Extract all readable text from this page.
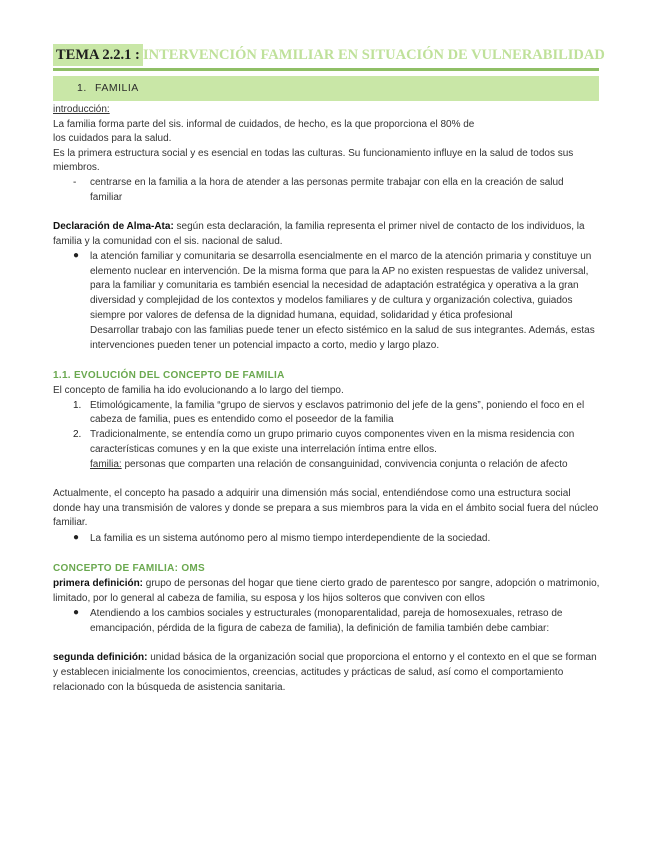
TEMA 2.2.1 : INTERVENCIÓN FAMILIAR EN SITUACIÓN DE VULNERABILIDAD
1. FAMILIA
introducción:
La familia forma parte del sis. informal de cuidados, de hecho, es la que proporciona el 80% de
los cuidados para la salud.
Es la primera estructura social y es esencial en todas las culturas. Su funcionamiento influye en la salud de todos sus
miembros.
- centrarse en la familia a la hora de atender a las personas permite trabajar con ella en la creación de salud
familiar
Declaración de Alma-Ata: según esta declaración, la familia representa el primer nivel de contacto de los individuos, la
familia y la comunidad con el sis. nacional de salud.
● la atención familiar y comunitaria se desarrolla esencialmente en el marco de la atención primaria y constituye un
elemento nuclear en intervención. De la misma forma que para la AP no existen respuestas de validez universal,
para la familiar y comunitaria es también esencial la necesidad de adaptación estratégica y operativa a la gran
diversidad y complejidad de los contextos y modelos familiares y de cultura y organización colectiva, guiados
siempre por valores de defensa de la dignidad humana, equidad, solidaridad y ética profesional
Desarrollar trabajo con las familias puede tener un efecto sistémico en la salud de sus integrantes. Además, estas
intervenciones pueden tener un potencial impacto a corto, medio y largo plazo.
1.1. EVOLUCIÓN DEL CONCEPTO DE FAMILIA
El concepto de familia ha ido evolucionando a lo largo del tiempo.
1. Etimológicamente, la familia “grupo de siervos y esclavos patrimonio del jefe de la gens”, poniendo el foco en el
cabeza de familia, pues es entendido como el poseedor de la familia
2. Tradicionalmente, se entendía como un grupo primario cuyos componentes viven en la misma residencia con
características comunes y en la que existe una interrelación íntima entre ellos.
familia: personas que comparten una relación de consanguinidad, convivencia conjunta o relación de afecto
Actualmente, el concepto ha pasado a adquirir una dimensión más social, entendiéndose como una estructura social
donde hay una transmisión de valores y donde se prepara a sus miembros para la vida en el ámbito social fuera del núcleo
familiar.
● La familia es un sistema autónomo pero al mismo tiempo interdependiente de la sociedad.
CONCEPTO DE FAMILIA: OMS
primera definición: grupo de personas del hogar que tiene cierto grado de parentesco por sangre, adopción o matrimonio,
limitado, por lo general al cabeza de familia, su esposa y los hijos solteros que conviven con ellos
● Atendiendo a los cambios sociales y estructurales (monoparentalidad, pareja de homosexuales, retraso de
emancipación, pérdida de la figura de cabeza de familia), la definición de familia también debe cambiar:
segunda definición: unidad básica de la organización social que proporciona el entorno y el contexto en el que se forman
y establecen inicialmente los conocimientos, creencias, actitudes y prácticas de salud, así como el comportamiento
relacionado con la búsqueda de asistencia sanitaria.
